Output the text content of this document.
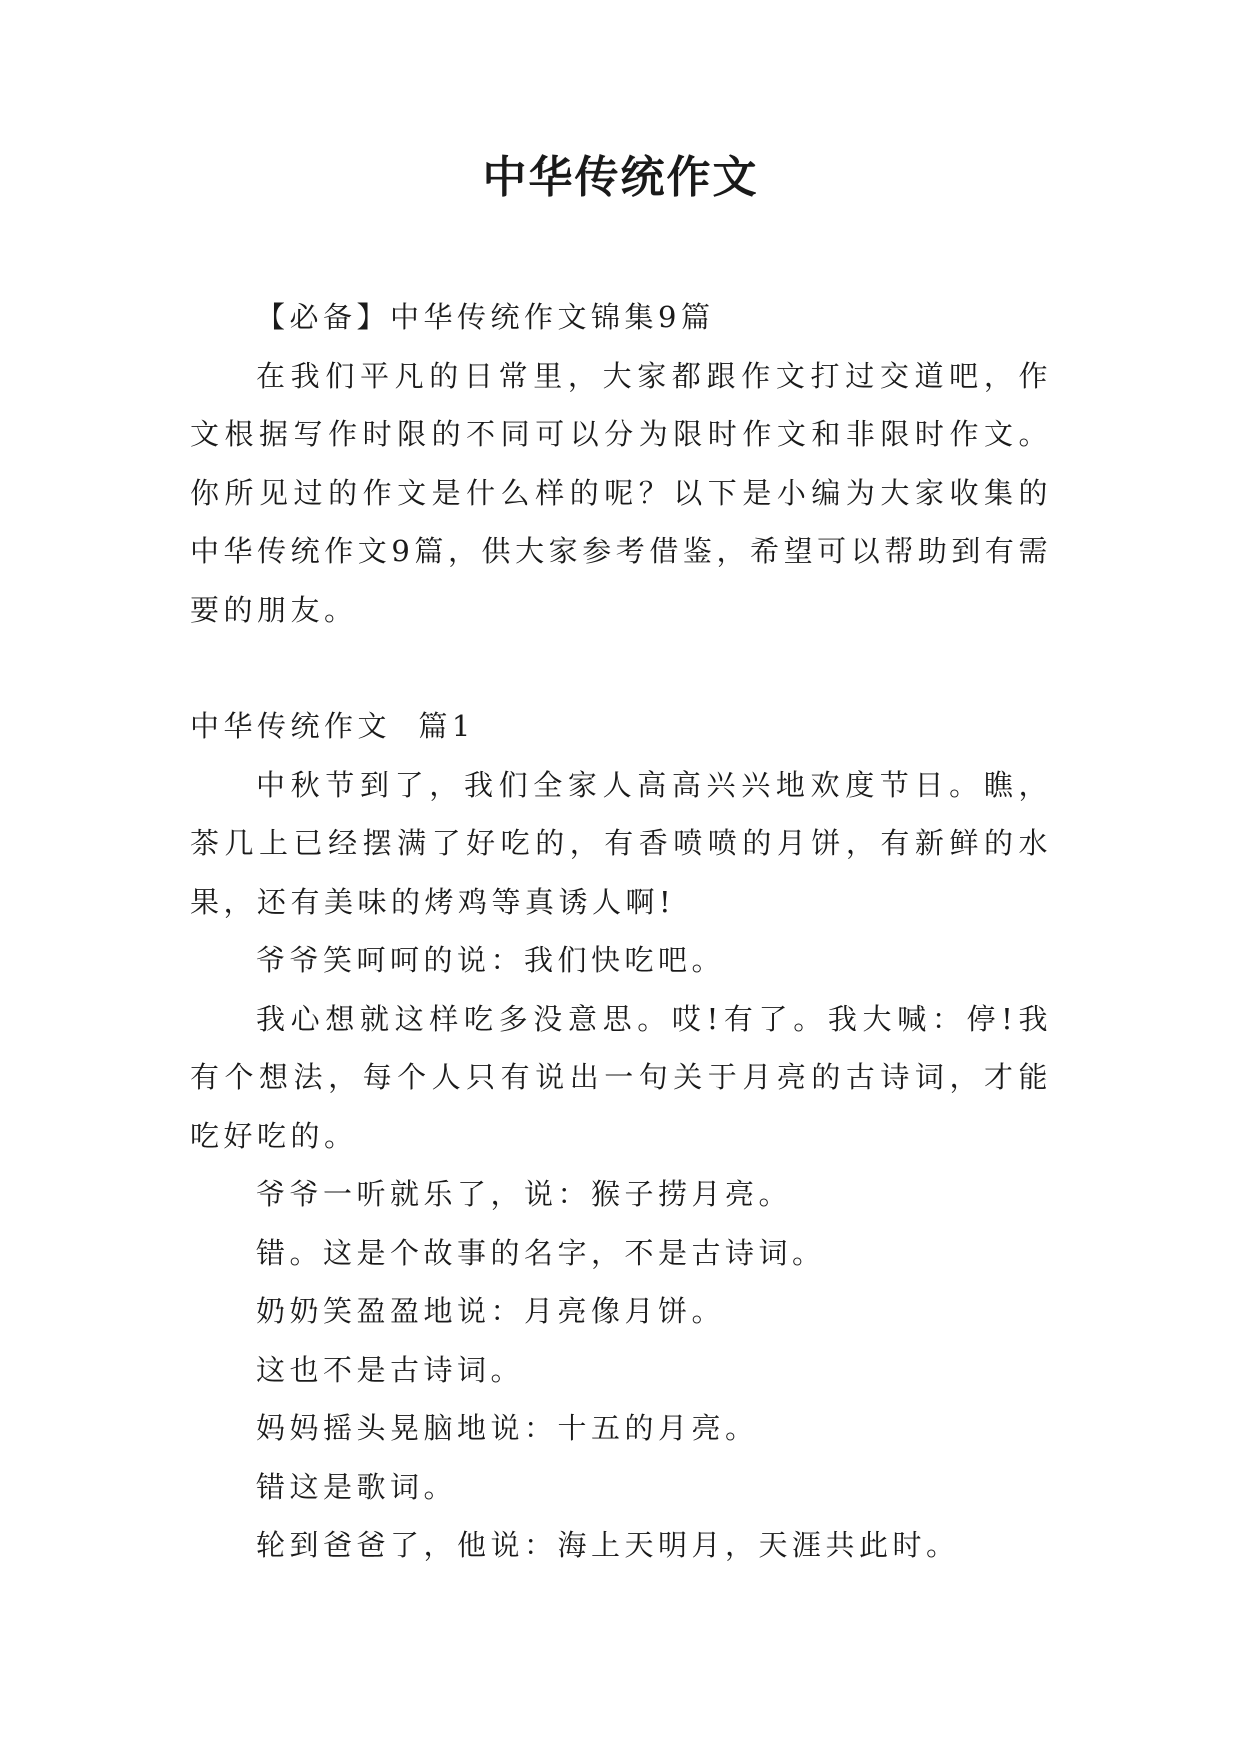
中华传统作文

【必备】中华传统作文锦集9篇

在我们平凡的日常里，大家都跟作文打过交道吧，作文根据写作时限的不同可以分为限时作文和非限时作文。你所见过的作文是什么样的呢？以下是小编为大家收集的中华传统作文9篇，供大家参考借鉴，希望可以帮助到有需要的朋友。

中华传统作文  篇1

中秋节到了，我们全家人高高兴兴地欢度节日。瞧，茶几上已经摆满了好吃的，有香喷喷的月饼，有新鲜的水果，还有美味的烤鸡等真诱人啊!

爷爷笑呵呵的说：我们快吃吧。

我心想就这样吃多没意思。哎!有了。我大喊：停!我有个想法，每个人只有说出一句关于月亮的古诗词，才能吃好吃的。

爷爷一听就乐了，说：猴子捞月亮。

错。这是个故事的名字，不是古诗词。

奶奶笑盈盈地说：月亮像月饼。

这也不是古诗词。

妈妈摇头晃脑地说：十五的月亮。

错这是歌词。

轮到爸爸了，他说：海上天明月，天涯共此时。
